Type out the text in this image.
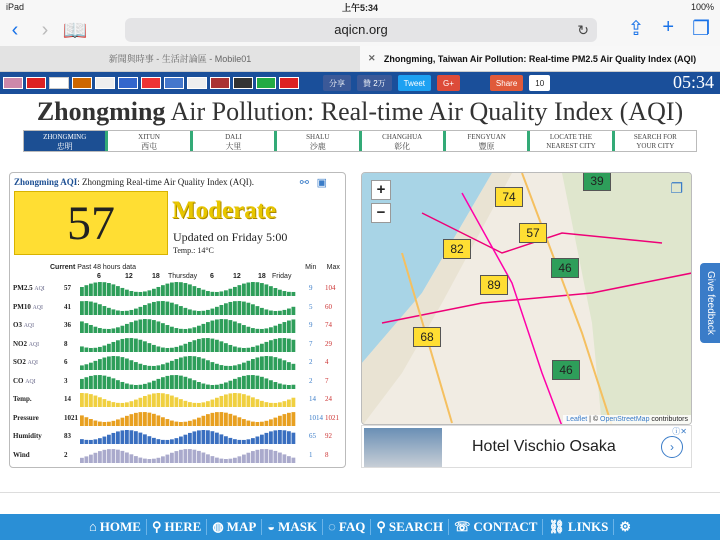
iPad	上午5:34	100%
‹	› 📖	aqicn.org	↻ ⇪ + ❐
新聞與時事 - 生活討論區 - Mobile01	✕ Zhongming, Taiwan Air Pollution: Real-time PM2.5 Air Quality Index (AQI)
分享 贊 2万 Tweet G+	Share 10	05:34
Zhongming Air Pollution: Real-time Air Quality Index (AQI)
ZHONGMING
忠明
XITUN
西屯
DALI
大里
SHALU
沙鹿
CHANGHUA
彰化
FENGYUAN
豐原
LOCATE THE
NEAREST CITY
SEARCH FOR
YOUR CITY
Zhongming AQI: Zhongming Real-time Air Quality Index (AQI).	⚯ ▣
57	Moderate
Updated on Friday 5:00
Temp.: 14°C
Current Past 48 hours data	Min Max
6	12	18 Thursday 6	12 18 Friday
PM2.5 AQI	57	9 104
PM10 AQI	41	5 60
O3 AQI	36	9 74
NO2 AQI	8	7 29
SO2 AQI	6	2 4
CO AQI	3	2 7
Temp.	14	14 24
Pressure	1021	1014 1021
Humidity	83	65 92
Wind	2	1 8
+
−
❐
39
74
57
82
46
89
68
46
Leaflet | © OpenStreetMap contributors
Hotel Vischio Osaka	›
ⓘ✕
Give feedback
⌂ HOME ⚲ HERE ◍ MAP ◒ MASK ◌ FAQ ⚲ SEARCH ☏ CONTACT ⛓ LINKS ⚙
